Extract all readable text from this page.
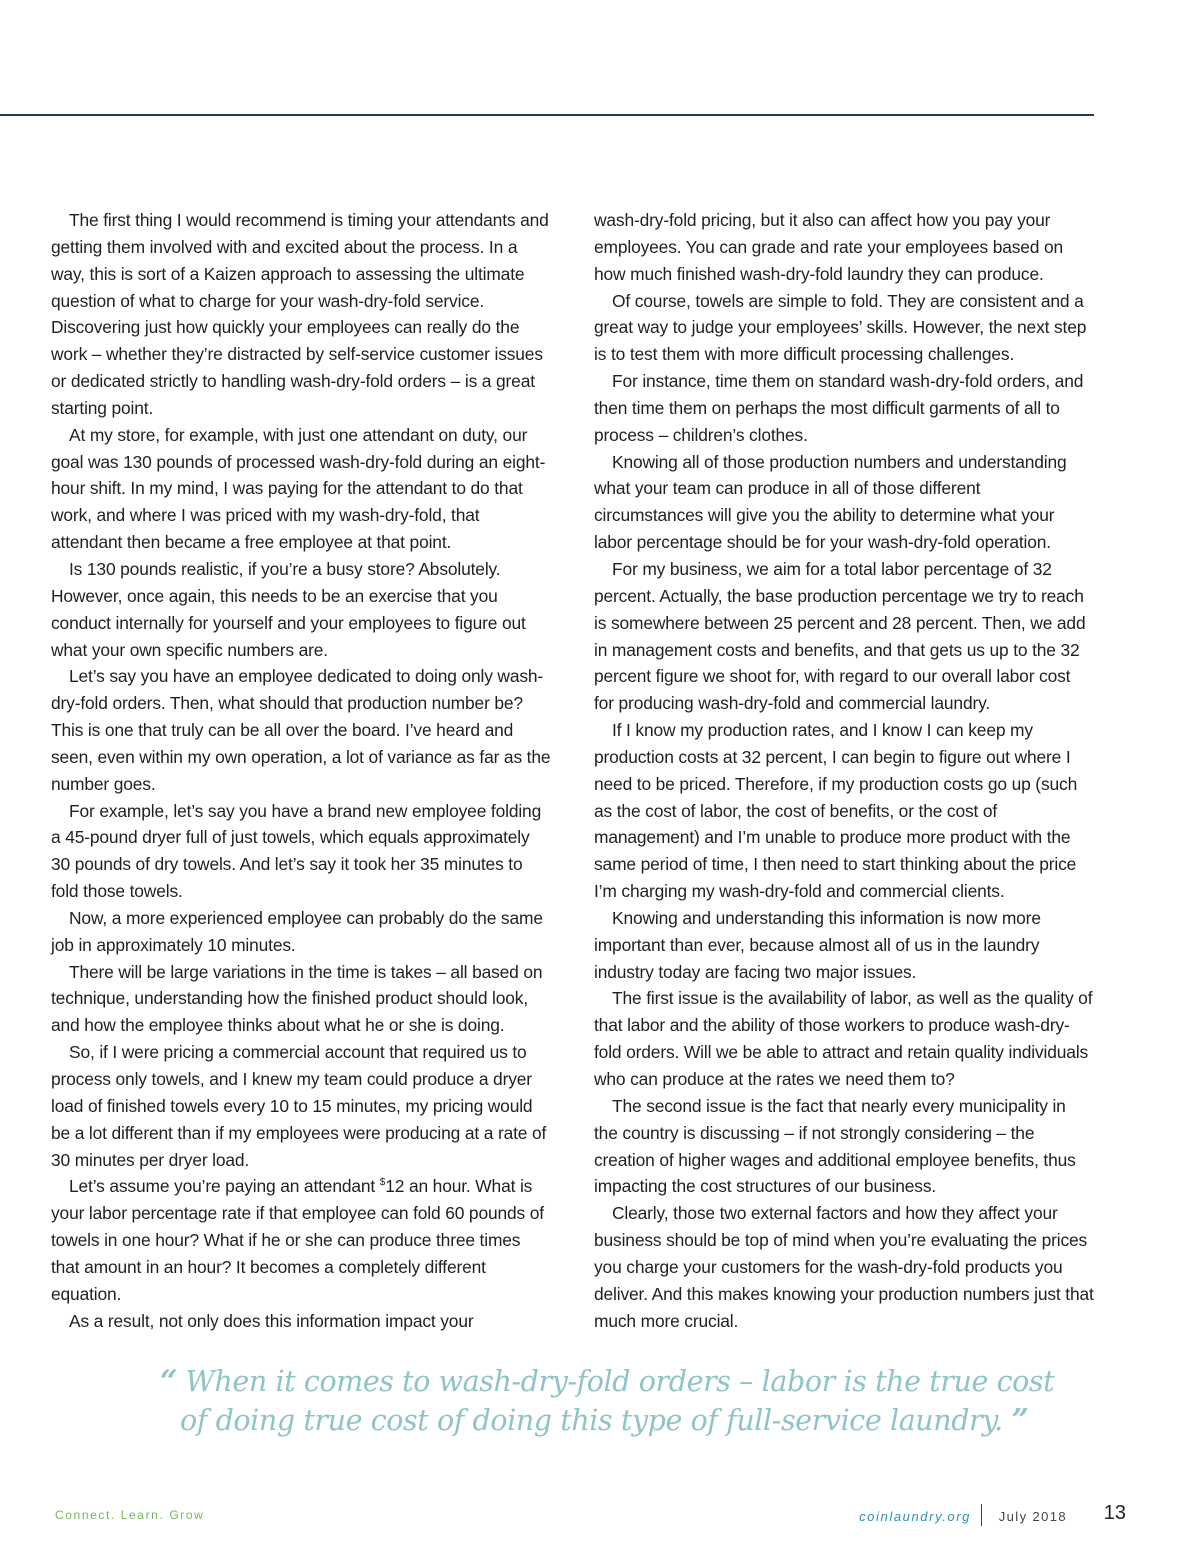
The first thing I would recommend is timing your attendants and getting them involved with and excited about the process. In a way, this is sort of a Kaizen approach to assessing the ultimate question of what to charge for your wash-dry-fold service. Discovering just how quickly your employees can really do the work – whether they’re distracted by self-service customer issues or dedicated strictly to handling wash-dry-fold orders – is a great starting point.

At my store, for example, with just one attendant on duty, our goal was 130 pounds of processed wash-dry-fold during an eight-hour shift. In my mind, I was paying for the attendant to do that work, and where I was priced with my wash-dry-fold, that attendant then became a free employee at that point.

Is 130 pounds realistic, if you’re a busy store? Absolutely. However, once again, this needs to be an exercise that you conduct internally for yourself and your employees to figure out what your own specific numbers are.

Let’s say you have an employee dedicated to doing only wash-dry-fold orders. Then, what should that production number be? This is one that truly can be all over the board. I’ve heard and seen, even within my own operation, a lot of variance as far as the number goes.

For example, let’s say you have a brand new employee folding a 45-pound dryer full of just towels, which equals approximately 30 pounds of dry towels. And let’s say it took her 35 minutes to fold those towels.

Now, a more experienced employee can probably do the same job in approximately 10 minutes.

There will be large variations in the time is takes – all based on technique, understanding how the finished product should look, and how the employee thinks about what he or she is doing.

So, if I were pricing a commercial account that required us to process only towels, and I knew my team could produce a dryer load of finished towels every 10 to 15 minutes, my pricing would be a lot different than if my employees were producing at a rate of 30 minutes per dryer load.

Let’s assume you’re paying an attendant $12 an hour. What is your labor percentage rate if that employee can fold 60 pounds of towels in one hour? What if he or she can produce three times that amount in an hour? It becomes a completely different equation.

As a result, not only does this information impact your

wash-dry-fold pricing, but it also can affect how you pay your employees. You can grade and rate your employees based on how much finished wash-dry-fold laundry they can produce.

Of course, towels are simple to fold. They are consistent and a great way to judge your employees’ skills. However, the next step is to test them with more difficult processing challenges.

For instance, time them on standard wash-dry-fold orders, and then time them on perhaps the most difficult garments of all to process – children’s clothes.

Knowing all of those production numbers and understanding what your team can produce in all of those different circumstances will give you the ability to determine what your labor percentage should be for your wash-dry-fold operation.

For my business, we aim for a total labor percentage of 32 percent. Actually, the base production percentage we try to reach is somewhere between 25 percent and 28 percent. Then, we add in management costs and benefits, and that gets us up to the 32 percent figure we shoot for, with regard to our overall labor cost for producing wash-dry-fold and commercial laundry.

If I know my production rates, and I know I can keep my production costs at 32 percent, I can begin to figure out where I need to be priced. Therefore, if my production costs go up (such as the cost of labor, the cost of benefits, or the cost of management) and I’m unable to produce more product with the same period of time, I then need to start thinking about the price I’m charging my wash-dry-fold and commercial clients.

Knowing and understanding this information is now more important than ever, because almost all of us in the laundry industry today are facing two major issues.

The first issue is the availability of labor, as well as the quality of that labor and the ability of those workers to produce wash-dry-fold orders. Will we be able to attract and retain quality individuals who can produce at the rates we need them to?

The second issue is the fact that nearly every municipality in the country is discussing – if not strongly considering – the creation of higher wages and additional employee benefits, thus impacting the cost structures of our business.

Clearly, those two external factors and how they affect your business should be top of mind when you’re evaluating the prices you charge your customers for the wash-dry-fold products you deliver. And this makes knowing your production numbers just that much more crucial.

“ When it comes to wash-dry-fold orders – labor is the true cost
of doing true cost of doing this type of full-service laundry. ”
Connect. Learn. Grow	coinlaundry.org July 2018 13
